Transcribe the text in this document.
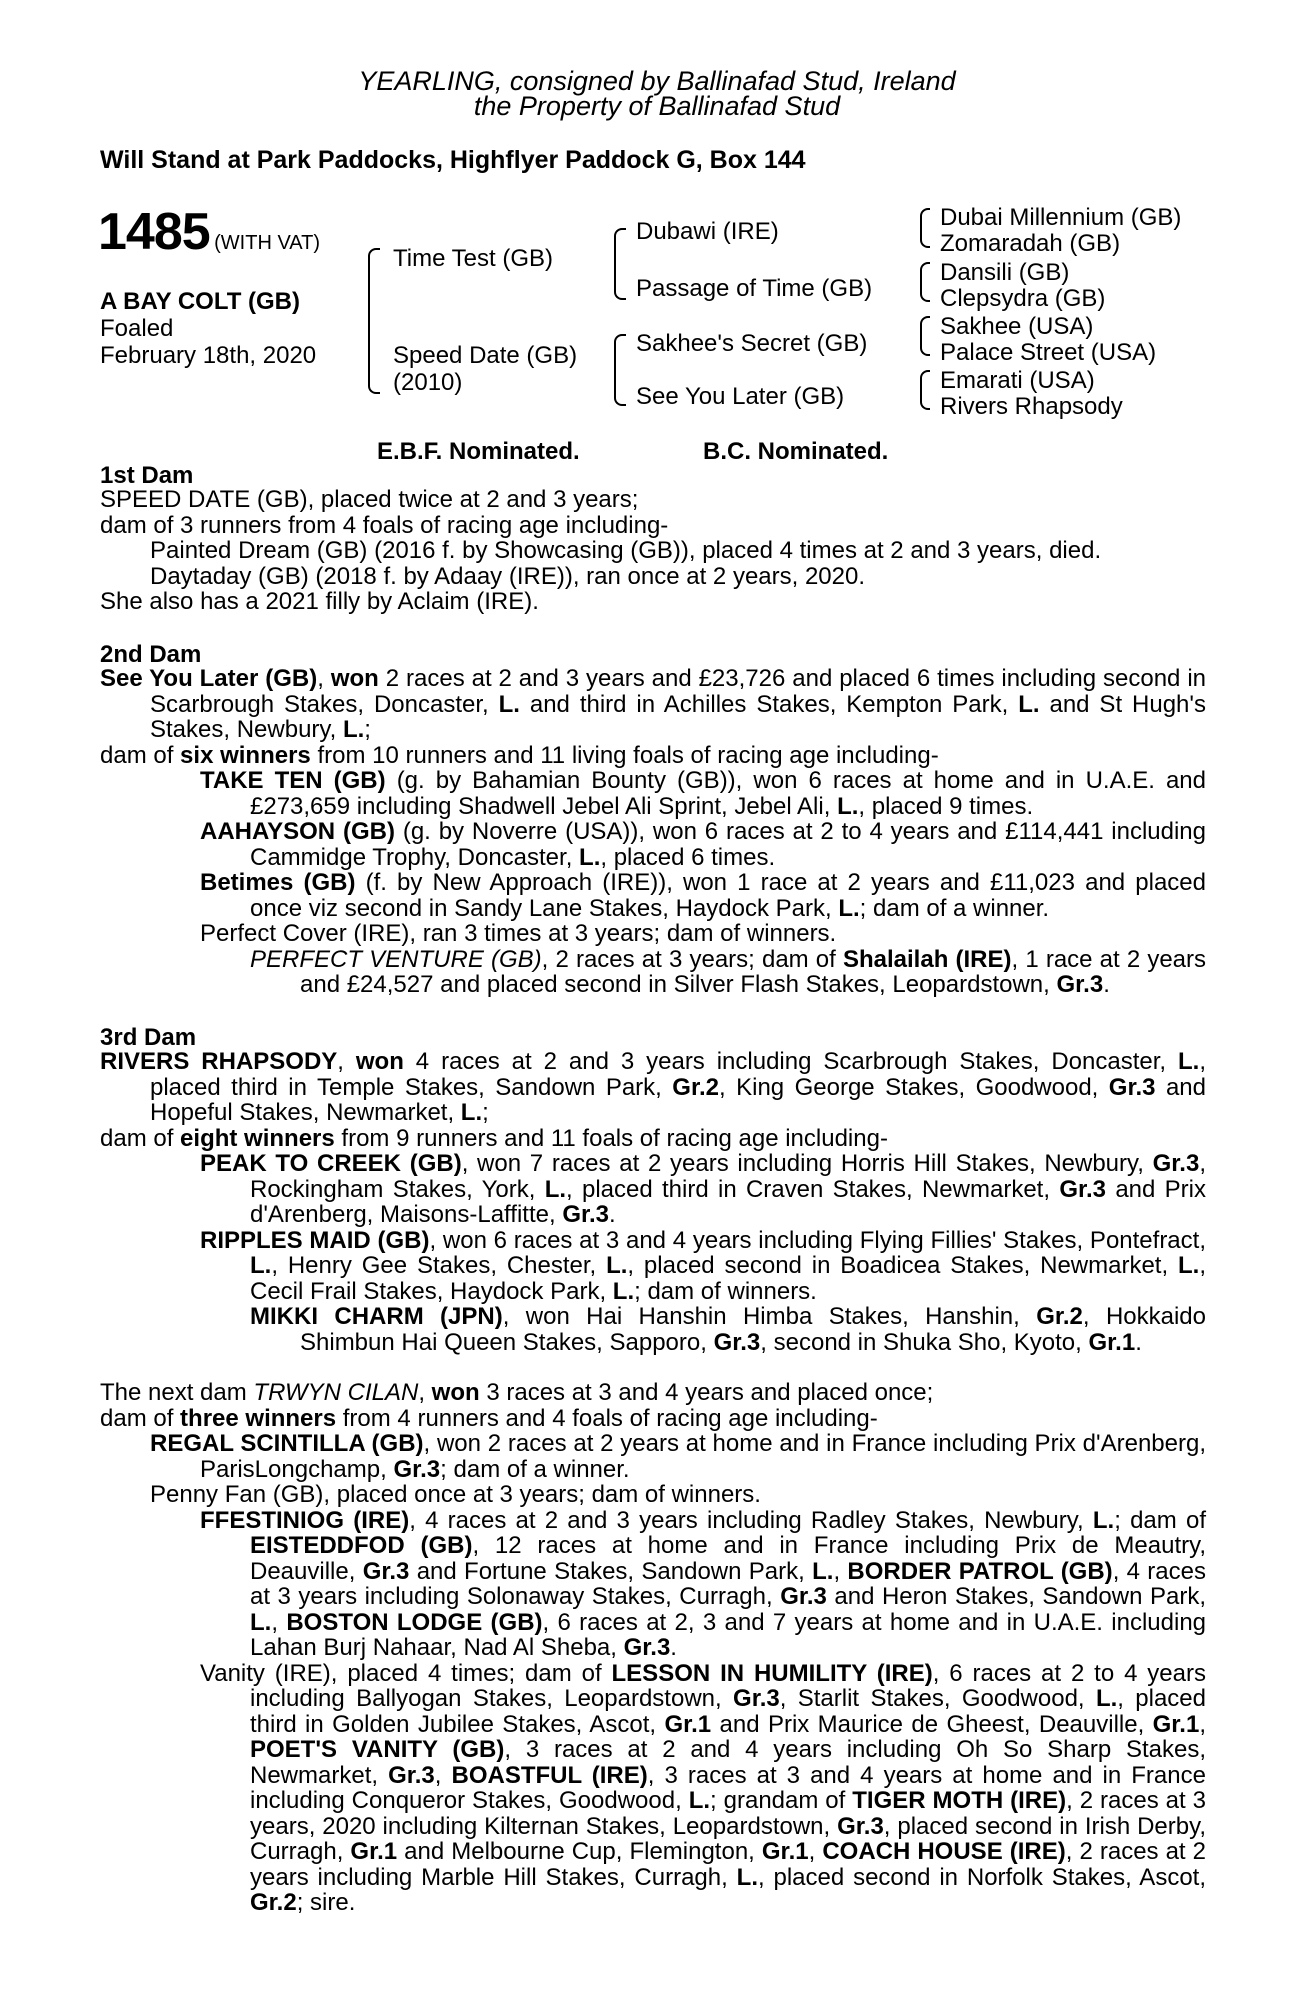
YEARLING, consigned by Ballinafad Stud, Ireland
the Property of Ballinafad Stud
Will Stand at Park Paddocks, Highflyer Paddock G, Box 144
1485 (WITH VAT)
A BAY COLT (GB)
Foaled
February 18th, 2020
Time Test (GB)
Speed Date (GB)
(2010)
Dubawi (IRE)
Passage of Time (GB)
Sakhee's Secret (GB)
See You Later (GB)
Dubai Millennium (GB)
Zomaradah (GB)
Dansili (GB)
Clepsydra (GB)
Sakhee (USA)
Palace Street (USA)
Emarati (USA)
Rivers Rhapsody
E.B.F. Nominated.	B.C. Nominated.
1st Dam
SPEED DATE (GB), placed twice at 2 and 3 years;
dam of 3 runners from 4 foals of racing age including-
Painted Dream (GB) (2016 f. by Showcasing (GB)), placed 4 times at 2 and 3 years, died.
Daytaday (GB) (2018 f. by Adaay (IRE)), ran once at 2 years, 2020.
She also has a 2021 filly by Aclaim (IRE).
2nd Dam
See You Later (GB), won 2 races at 2 and 3 years and £23,726 and placed 6 times including second in Scarbrough Stakes, Doncaster, L. and third in Achilles Stakes, Kempton Park, L. and St Hugh's Stakes, Newbury, L.;
dam of six winners from 10 runners and 11 living foals of racing age including-
TAKE TEN (GB) (g. by Bahamian Bounty (GB)), won 6 races at home and in U.A.E. and £273,659 including Shadwell Jebel Ali Sprint, Jebel Ali, L., placed 9 times.
AAHAYSON (GB) (g. by Noverre (USA)), won 6 races at 2 to 4 years and £114,441 including Cammidge Trophy, Doncaster, L., placed 6 times.
Betimes (GB) (f. by New Approach (IRE)), won 1 race at 2 years and £11,023 and placed once viz second in Sandy Lane Stakes, Haydock Park, L.; dam of a winner.
Perfect Cover (IRE), ran 3 times at 3 years; dam of winners.
PERFECT VENTURE (GB), 2 races at 3 years; dam of Shalailah (IRE), 1 race at 2 years and £24,527 and placed second in Silver Flash Stakes, Leopardstown, Gr.3.
3rd Dam
RIVERS RHAPSODY, won 4 races at 2 and 3 years including Scarbrough Stakes, Doncaster, L., placed third in Temple Stakes, Sandown Park, Gr.2, King George Stakes, Goodwood, Gr.3 and Hopeful Stakes, Newmarket, L.;
dam of eight winners from 9 runners and 11 foals of racing age including-
PEAK TO CREEK (GB), won 7 races at 2 years including Horris Hill Stakes, Newbury, Gr.3, Rockingham Stakes, York, L., placed third in Craven Stakes, Newmarket, Gr.3 and Prix d'Arenberg, Maisons-Laffitte, Gr.3.
RIPPLES MAID (GB), won 6 races at 3 and 4 years including Flying Fillies' Stakes, Pontefract, L., Henry Gee Stakes, Chester, L., placed second in Boadicea Stakes, Newmarket, L., Cecil Frail Stakes, Haydock Park, L.; dam of winners.
MIKKI CHARM (JPN), won Hai Hanshin Himba Stakes, Hanshin, Gr.2, Hokkaido Shimbun Hai Queen Stakes, Sapporo, Gr.3, second in Shuka Sho, Kyoto, Gr.1.
The next dam TRWYN CILAN, won 3 races at 3 and 4 years and placed once;
dam of three winners from 4 runners and 4 foals of racing age including-
REGAL SCINTILLA (GB), won 2 races at 2 years at home and in France including Prix d'Arenberg, ParisLongchamp, Gr.3; dam of a winner.
Penny Fan (GB), placed once at 3 years; dam of winners.
FFESTINIOG (IRE), 4 races at 2 and 3 years including Radley Stakes, Newbury, L.; dam of EISTEDDFOD (GB), 12 races at home and in France including Prix de Meautry, Deauville, Gr.3 and Fortune Stakes, Sandown Park, L., BORDER PATROL (GB), 4 races at 3 years including Solonaway Stakes, Curragh, Gr.3 and Heron Stakes, Sandown Park, L., BOSTON LODGE (GB), 6 races at 2, 3 and 7 years at home and in U.A.E. including Lahan Burj Nahaar, Nad Al Sheba, Gr.3.
Vanity (IRE), placed 4 times; dam of LESSON IN HUMILITY (IRE), 6 races at 2 to 4 years including Ballyogan Stakes, Leopardstown, Gr.3, Starlit Stakes, Goodwood, L., placed third in Golden Jubilee Stakes, Ascot, Gr.1 and Prix Maurice de Gheest, Deauville, Gr.1, POET'S VANITY (GB), 3 races at 2 and 4 years including Oh So Sharp Stakes, Newmarket, Gr.3, BOASTFUL (IRE), 3 races at 3 and 4 years at home and in France including Conqueror Stakes, Goodwood, L.; grandam of TIGER MOTH (IRE), 2 races at 3 years, 2020 including Kilternan Stakes, Leopardstown, Gr.3, placed second in Irish Derby, Curragh, Gr.1 and Melbourne Cup, Flemington, Gr.1, COACH HOUSE (IRE), 2 races at 2 years including Marble Hill Stakes, Curragh, L., placed second in Norfolk Stakes, Ascot, Gr.2; sire.
